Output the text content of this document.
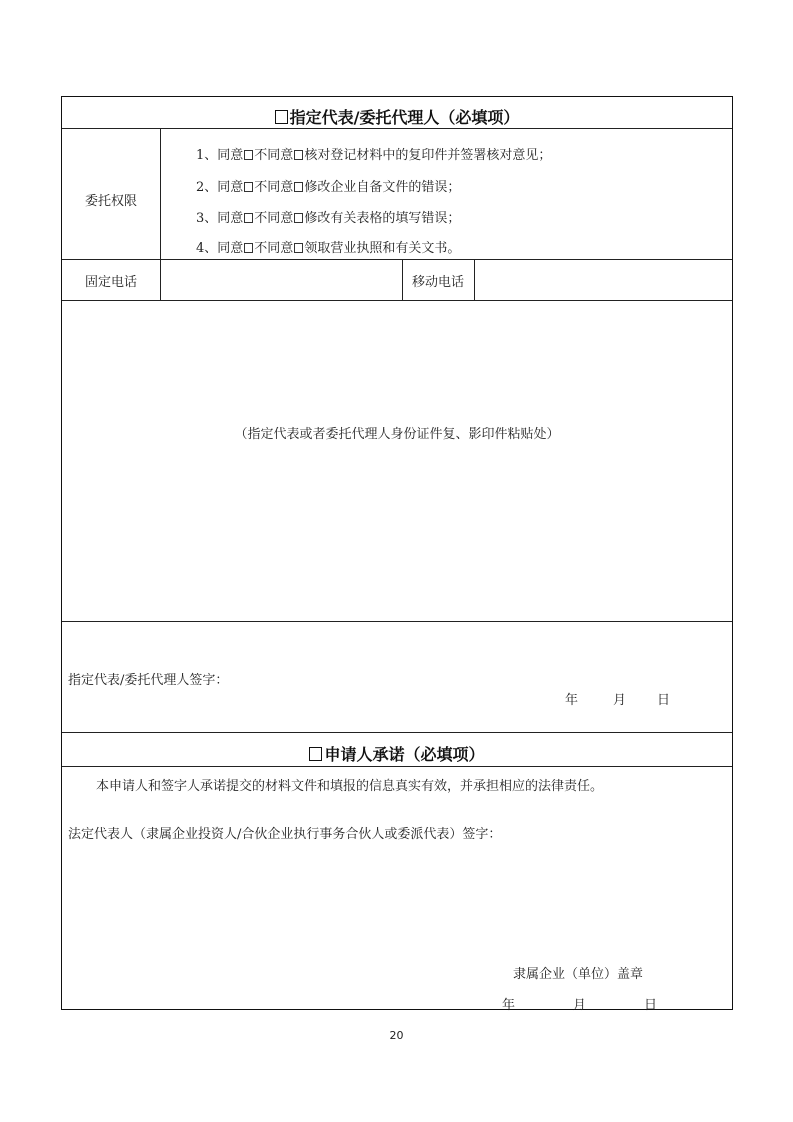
指定代表/委托代理人（必填项）
委托权限
1、同意 不同意 核对登记材料中的复印件并签署核对意见；
2、同意 不同意 修改企业自备文件的错误；
3、同意 不同意 修改有关表格的填写错误；
4、同意 不同意 领取营业执照和有关文书。
固定电话	移动电话
（指定代表或者委托代理人身份证件复、影印件粘贴处）
指定代表/委托代理人签字：
年	月 日
申请人承诺（必填项）
本申请人和签字人承诺提交的材料文件和填报的信息真实有效，并承担相应的法律责任。
法定代表人（隶属企业投资人/合伙企业执行事务合伙人或委派代表）签字：
隶属企业（单位）盖章
年	月	日
20
